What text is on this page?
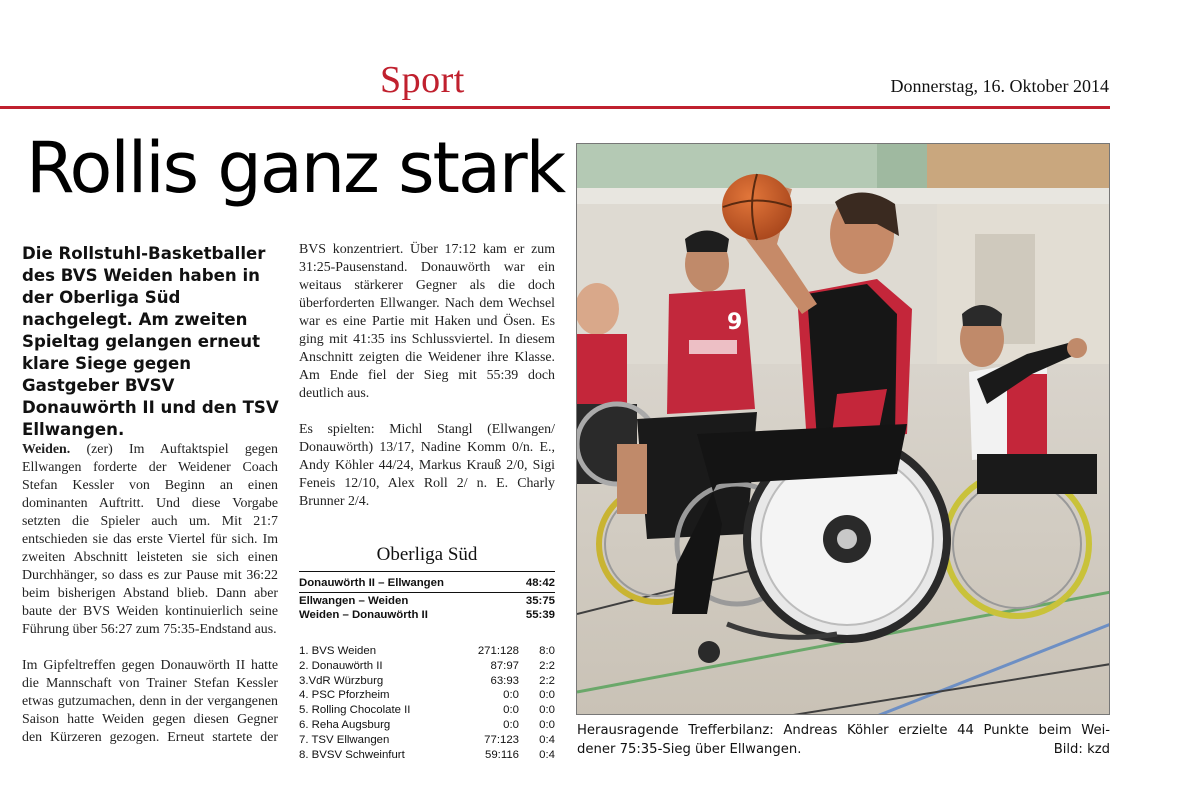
Sport	Donnerstag, 16. Oktober 2014
Rollis ganz stark
Die Rollstuhl-Basketballer des BVS Weiden haben in der Oberliga Süd nachgelegt. Am zweiten Spieltag gelangen erneut klare Siege gegen Gastgeber BVSV Donauwörth II und den TSV Ellwangen.

Weiden. (zer) Im Auftaktspiel gegen Ellwangen forderte der Weidener Coach Stefan Kessler von Beginn an einen dominanten Auftritt. Und diese Vorgabe setzten die Spieler auch um. Mit 21:7 entschieden sie das erste Viertel für sich. Im zweiten Abschnitt leisteten sie sich einen Durchhänger, so dass es zur Pause mit 36:22 beim bisherigen Abstand blieb. Dann aber baute der BVS Weiden kontinuierlich seine Führung über 56:27 zum 75:35-Endstand aus.

Im Gipfeltreffen gegen Donauwörth II hatte die Mannschaft von Trainer Stefan Kessler etwas gutzumachen, denn in der vergangenen Saison hatte Weiden gegen diesen Gegner den Kürzeren gezogen. Erneut startete der

BVS konzentriert. Über 17:12 kam er zum 31:25-Pausenstand. Donauwörth war ein weitaus stärkerer Gegner als die doch überforderten Ellwanger. Nach dem Wechsel war es eine Partie mit Haken und Ösen. Es ging mit 41:35 ins Schlussviertel. In diesem Anschnitt zeigten die Weidener ihre Klasse. Am Ende fiel der Sieg mit 55:39 doch deutlich aus.

Es spielten: Michl Stangl (Ellwangen/ Donauwörth) 13/17, Nadine Komm 0/n. E., Andy Köhler 44/24, Markus Krauß 2/0, Sigi Feneis 12/10, Alex Roll 2/ n. E. Charly Brunner 2/4.

Oberliga Süd
Donauwörth II – Ellwangen	48:42
Ellwangen – Weiden	35:75
Weiden – Donauwörth II	55:39
1. BVS Weiden	271:128	8:0
2. Donauwörth II	87:97	2:2
3.VdR Würzburg	63:93	2:2
4. PSC Pforzheim	0:0	0:0
5. Rolling Chocolate II	0:0	0:0
6. Reha Augsburg	0:0	0:0
7. TSV Ellwangen	77:123	0:4
8. BVSV Schweinfurt	59:116	0:4
9
Herausragende Trefferbilanz: Andreas Köhler erzielte 44 Punkte beim Wei-
dener 75:35-Sieg über Ellwangen.	Bild: kzd
